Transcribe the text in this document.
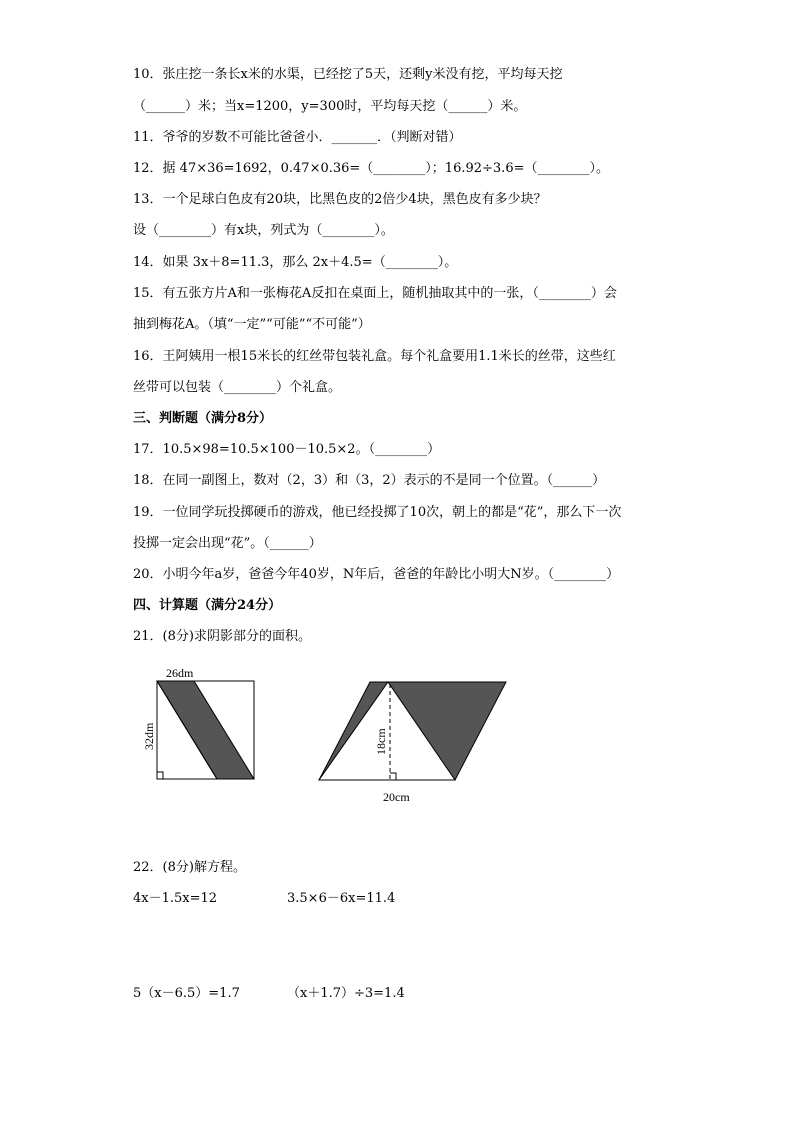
10．张庄挖一条长x米的水渠，已经挖了5天，还剩y米没有挖，平均每天挖
（______）米；当x=1200，y=300时，平均每天挖（______）米。
11．爷爷的岁数不可能比爸爸小．_______．（判断对错）
12．据 47×36=1692，0.47×0.36=（________）；16.92÷3.6=（________）。
13．一个足球白色皮有20块，比黑色皮的2倍少4块，黑色皮有多少块？
设（________）有x块，列式为（________）。
14．如果 3x＋8=11.3，那么 2x＋4.5=（________）。
15．有五张方片A和一张梅花A反扣在桌面上，随机抽取其中的一张，（________）会
抽到梅花A。（填“一定”“可能”“不可能”）
16．王阿姨用一根15米长的红丝带包装礼盒。每个礼盒要用1.1米长的丝带，这些红
丝带可以包装（________）个礼盒。
三、判断题（满分8分）
17．10.5×98=10.5×100－10.5×2。（________）
18．在同一副图上，数对（2，3）和（3，2）表示的不是同一个位置。（______）
19．一位同学玩投掷硬币的游戏，他已经投掷了10次，朝上的都是“花”，那么下一次
投掷一定会出现“花”。（______）
20．小明今年a岁，爸爸今年40岁，N年后，爸爸的年龄比小明大N岁。（________）
四、计算题（满分24分）
21．(8分)求阴影部分的面积。
26dm
32dm	18cm
20cm
22．(8分)解方程。
4x－1.5x=12	3.5×6－6x=11.4
5（x－6.5）=1.7	（x＋1.7）÷3=1.4
